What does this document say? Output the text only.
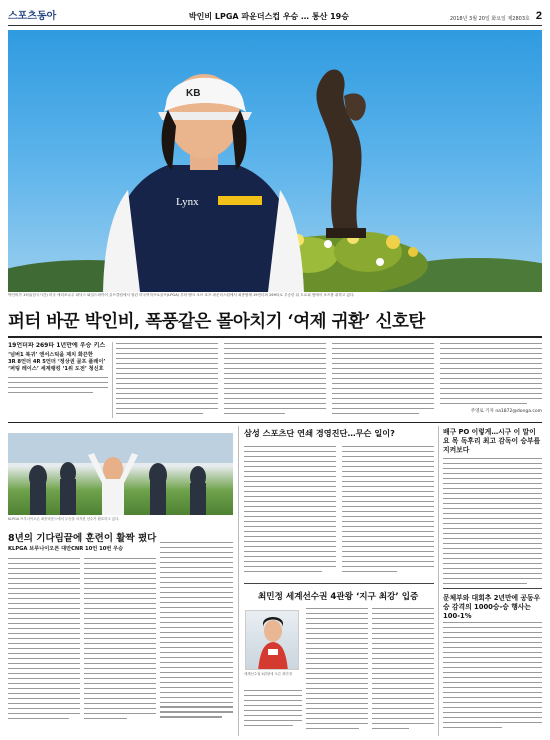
스포츠동아	박인비 LPGA 파운더스컵 우승 … 통산 19승	2018년 3월 20일 화요일 제2803호 2
KB
Lynx
박인비가 19일(한국시간) 미국 애리조나주 피닉스 와일드파이어 골프클럽에서 열린 미국여자프로골프(LPGA) 투어 뱅크 오브 호프 파운더스컵에서 최종합계 19언더파 269타로 우승한 뒤 트로피 옆에서 포즈를 취하고 있다.
퍼터 바꾼 박인비, 폭풍같은 몰아치기 ‘여제 귀환’ 신호탄
19언더파 269타 1년만에 우승 키스
‘넘버1 복귀’ 앤서스틱을 제치 화끈한
3R 8언더 4R 5언더 ‘정상권 골프 플레이’
‘퍼팅 레이스’ 세계랭킹 ‘1위 도전’ 청신호
주영로 기자 na1872@donga.com
KLPGA 브루나이오픈 최종라운드에서 우승을 차지한 선수가 환호하고 있다.
8년의 기다림끝에 훈련이 활짝 폈다
KLPGA 브루나이오픈 대만CNR 10언 10번 우승
삼성 스포츠단 연쇄 경영진단…무슨 일이?
최민정 세계선수권 4관왕 ‘지구 최강’ 입증
세계선수권 4관왕에 오른 최민정
배구 PO 이렇게…시구 이 말이 요 목 독후리 최고 감독이 승부를 지켜보다
문체부와 대회추 2년만에 공동우승 감격의 1000승-승 행사는 100-1%
